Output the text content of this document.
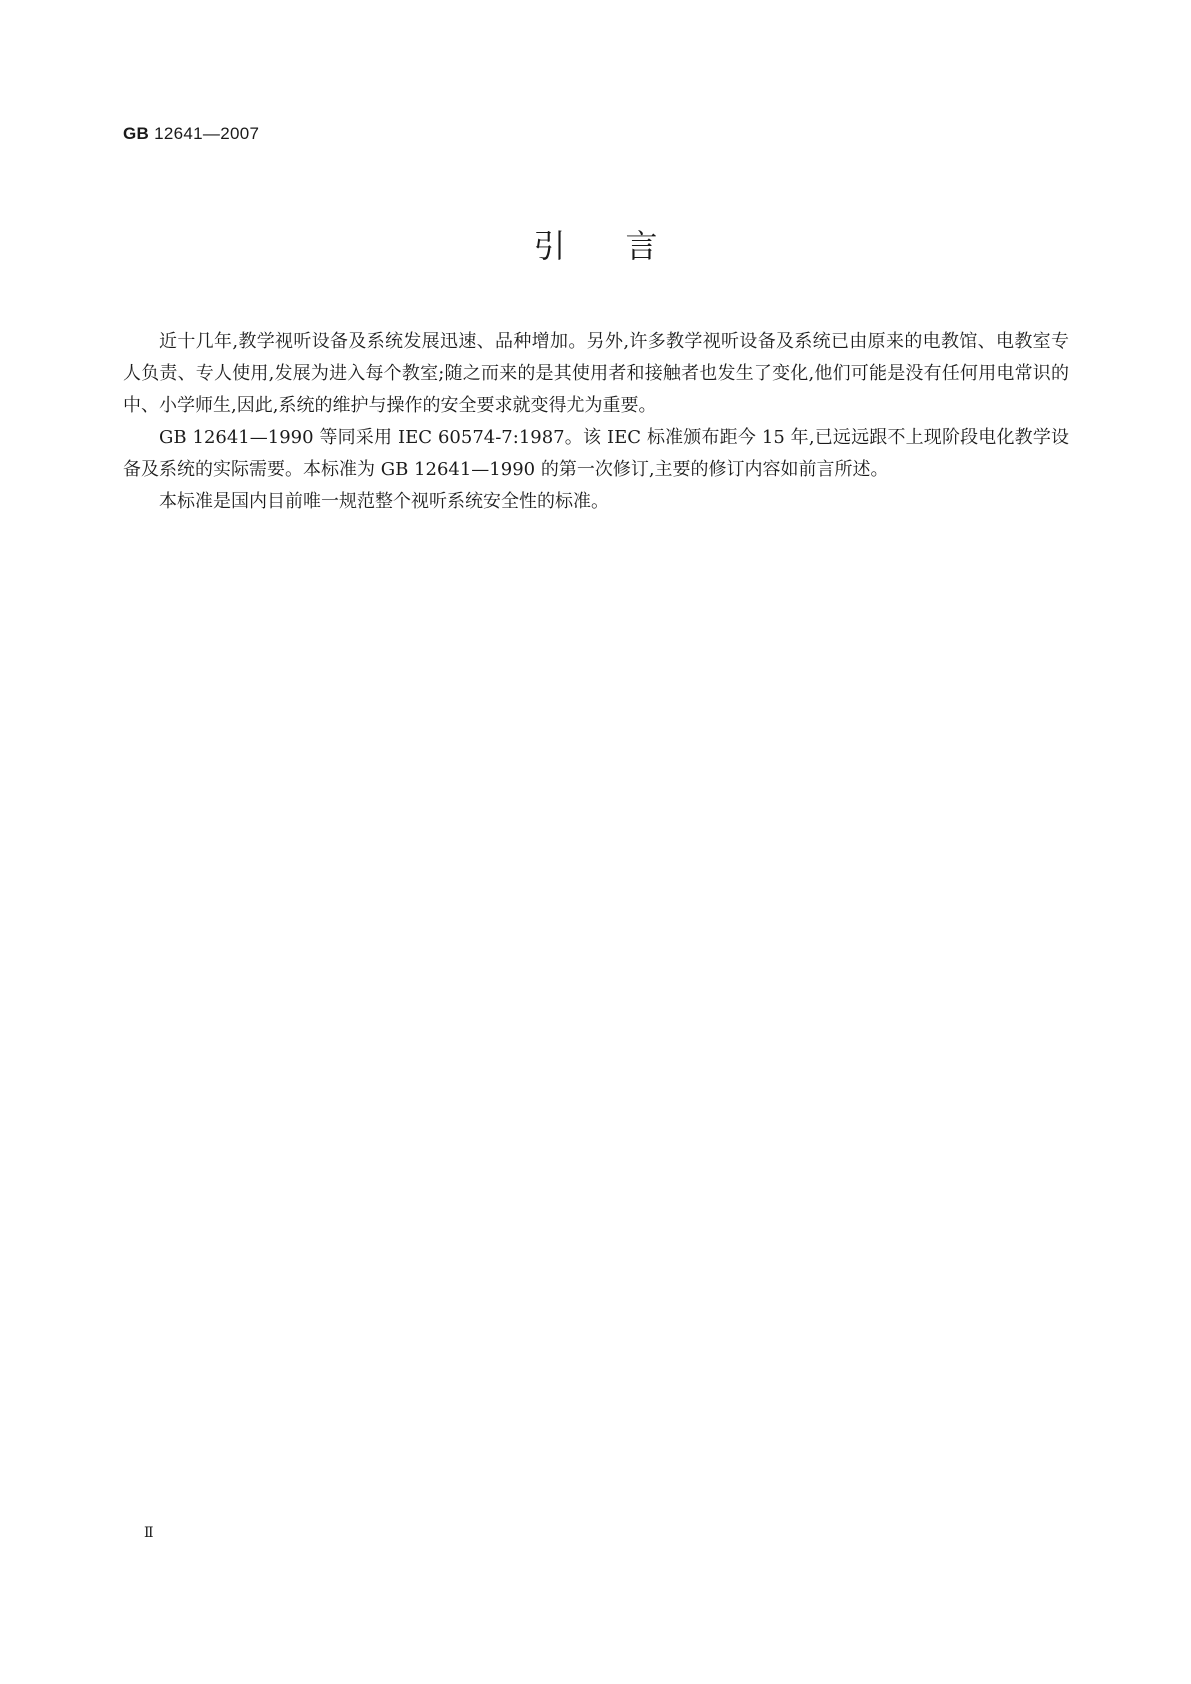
GB 12641—2007
引言

近十几年,教学视听设备及系统发展迅速、品种增加。另外,许多教学视听设备及系统已由原来的电教馆、电教室专人负责、专人使用,发展为进入每个教室;随之而来的是其使用者和接触者也发生了变化,他们可能是没有任何用电常识的中、小学师生,因此,系统的维护与操作的安全要求就变得尤为重要。

GB 12641—1990 等同采用 IEC 60574-7:1987。该 IEC 标准颁布距今 15 年,已远远跟不上现阶段电化教学设备及系统的实际需要。本标准为 GB 12641—1990 的第一次修订,主要的修订内容如前言所述。

本标准是国内目前唯一规范整个视听系统安全性的标准。

Ⅱ
